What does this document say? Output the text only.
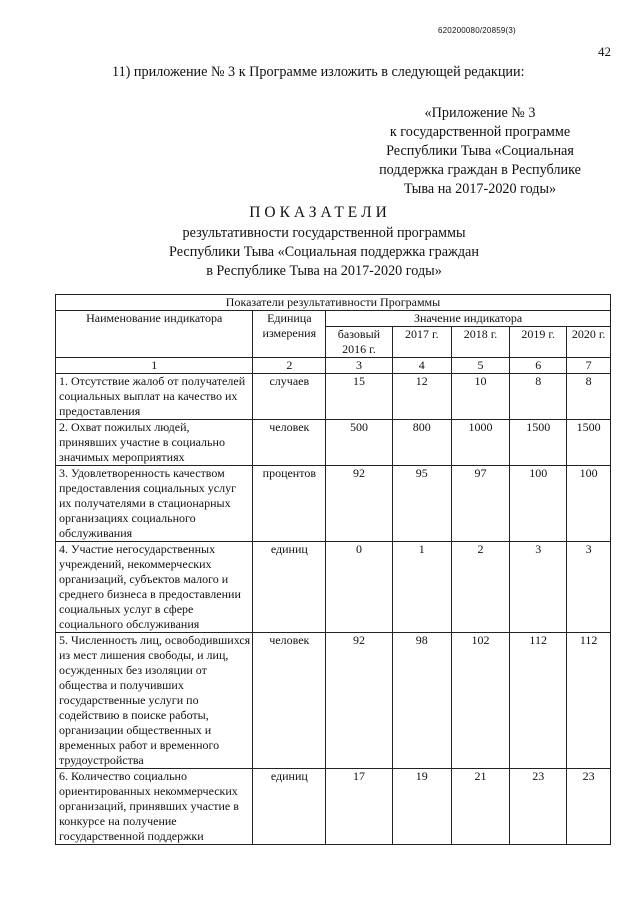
620200080/20859(3)
42
11) приложение № 3 к Программе изложить в следующей редакции:
«Приложение № 3
к государственной программе
Республики Тыва «Социальная
поддержка граждан в Республике
Тыва на 2017-2020 годы»
ПОКАЗАТЕЛИ
результативности государственной программы
Республики Тыва «Социальная поддержка граждан
в Республике Тыва на 2017-2020 годы»
Показатели результативности Программы						
Наименование индикатора	Единица измерения	Значение индикатора				
		базовый 2016 г.	2017 г.	2018 г.	2019 г.	2020 г.
1	2	3	4	5	6	7
1. Отсутствие жалоб от получателей социальных выплат на качество их предоставления	случаев	15	12	10	8	8
2. Охват пожилых людей, принявших участие в социально значимых мероприятиях	человек	500	800	1000	1500	1500
3. Удовлетворенность качеством предоставления социальных услуг их получателями в стационарных организациях социального обслуживания	процентов	92	95	97	100	100
4. Участие негосударственных учреждений, некоммерческих организаций, субъектов малого и среднего бизнеса в предоставлении социальных услуг в сфере социального обслуживания	единиц	0	1	2	3	3
5. Численность лиц, освободившихся из мест лишения свободы, и лиц, осужденных без изоляции от общества и получивших государственные услуги по содействию в поиске работы, организации общественных и временных работ и временного трудоустройства	человек	92	98	102	112	112
6. Количество социально ориентированных некоммерческих организаций, принявших участие в конкурсе на получение государственной поддержки	единиц	17	19	21	23	23
